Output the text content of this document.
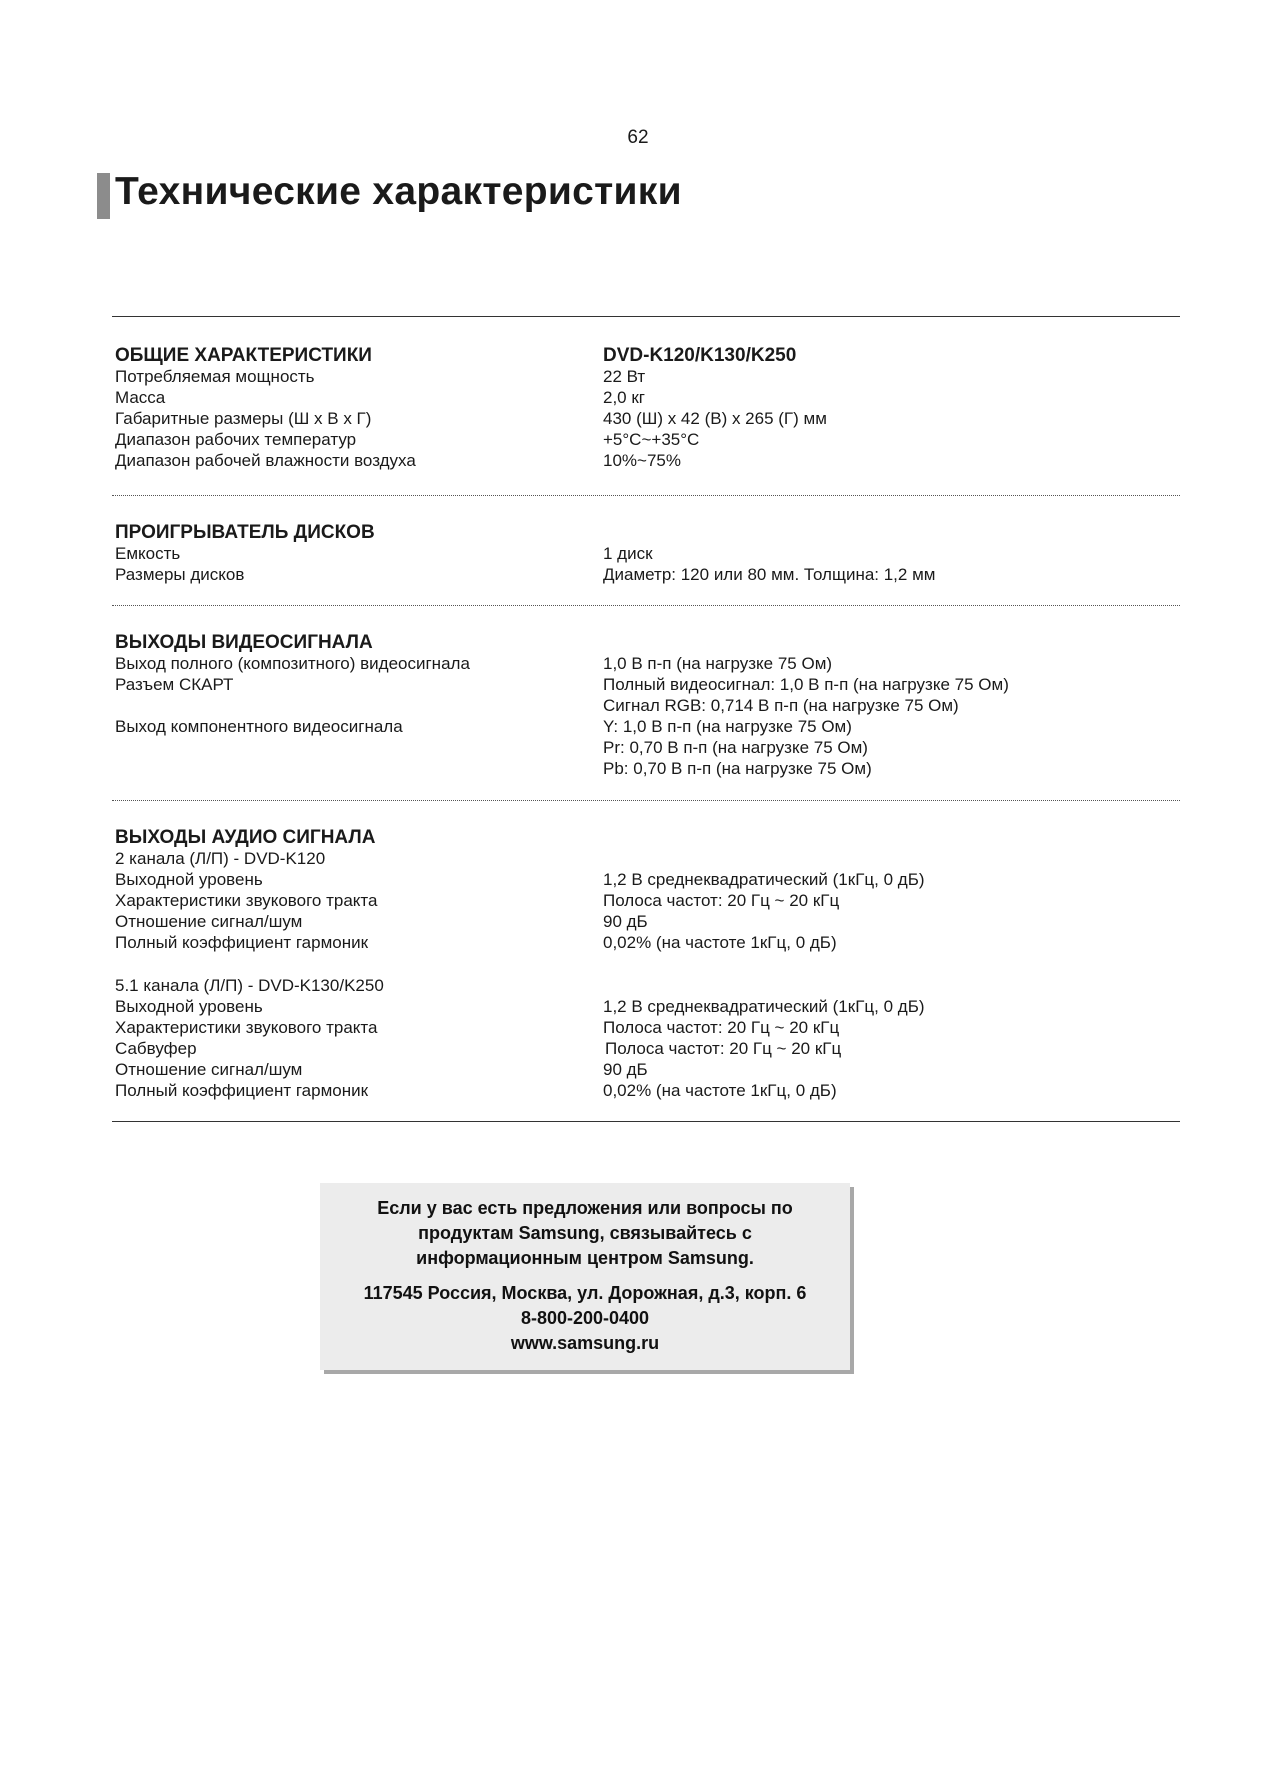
62
Технические характеристики
ОБЩИЕ ХАРАКТЕРИСТИКИ	DVD-K120/K130/K250
Потребляемая мощность	22 Вт
Масса	2,0 кг
Габаритные размеры (Ш x В x Г)	430 (Ш) x 42 (В) x 265 (Г) мм
Диапазон рабочих температур	+5°C~+35°C
Диапазон рабочей влажности воздуха	10%~75%
ПРОИГРЫВАТЕЛЬ ДИСКОВ
Емкость	1 диск
Размеры дисков	Диаметр: 120 или 80 мм. Толщина: 1,2 мм
ВЫХОДЫ ВИДЕОСИГНАЛА
Выход полного (композитного) видеосигнала	1,0 В п-п (на нагрузке 75 Ом)
Разъем СКАРТ	Полный видеосигнал: 1,0 В п-п (на нагрузке 75 Ом)
Сигнал RGB: 0,714 В п-п (на нагрузке 75 Ом)
Выход компонентного видеосигнала	Y: 1,0 В п-п (на нагрузке 75 Ом)
Pr: 0,70 В п-п (на нагрузке 75 Ом)
Pb: 0,70 В п-п (на нагрузке 75 Ом)
ВЫХОДЫ АУДИО СИГНАЛА
2 канала (Л/П) - DVD-K120
Выходной уровень	1,2 В среднеквадратический (1кГц, 0 дБ)
Характеристики звукового тракта	Полоса частот: 20 Гц ~ 20 кГц
Отношение сигнал/шум	90 дБ
Полный коэффициент гармоник	0,02% (на частоте 1кГц, 0 дБ)
5.1 канала (Л/П) - DVD-K130/K250
Выходной уровень	1,2 В среднеквадратический (1кГц, 0 дБ)
Характеристики звукового тракта	Полоса частот: 20 Гц ~ 20 кГц
Сабвуфер	Полоса частот: 20 Гц ~ 20 кГц
Отношение сигнал/шум	90 дБ
Полный коэффициент гармоник	0,02% (на частоте 1кГц, 0 дБ)
Если у вас есть предложения или вопросы по
продуктам Samsung, связывайтесь с
информационным центром Samsung.
117545 Россия, Москва, ул. Дорожная, д.3, корп. 6
8-800-200-0400
www.samsung.ru
